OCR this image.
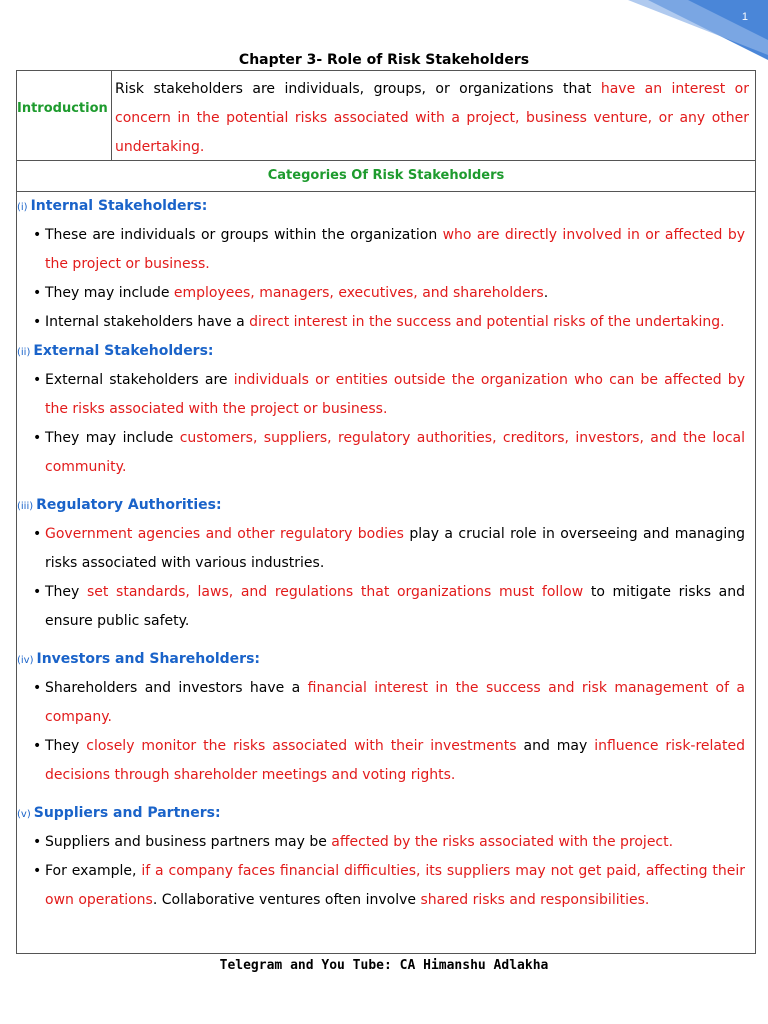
1
Chapter 3- Role of Risk Stakeholders
Introduction
Risk stakeholders are individuals, groups, or organizations that have an interest or concern in the potential risks associated with a project, business venture, or any other undertaking.
Categories Of Risk Stakeholders
(i) Internal Stakeholders:
• These are individuals or groups within the organization who are directly involved in or affected by the project or business.
• They may include employees, managers, executives, and shareholders.
• Internal stakeholders have a direct interest in the success and potential risks of the undertaking.
(ii) External Stakeholders:
• External stakeholders are individuals or entities outside the organization who can be affected by the risks associated with the project or business.
• They may include customers, suppliers, regulatory authorities, creditors, investors, and the local community.
(iii) Regulatory Authorities:
• Government agencies and other regulatory bodies play a crucial role in overseeing and managing risks associated with various industries.
• They set standards, laws, and regulations that organizations must follow to mitigate risks and ensure public safety.
(iv) Investors and Shareholders:
• Shareholders and investors have a financial interest in the success and risk management of a company.
• They closely monitor the risks associated with their investments and may influence risk-related decisions through shareholder meetings and voting rights.
(v) Suppliers and Partners:
• Suppliers and business partners may be affected by the risks associated with the project.
• For example, if a company faces financial difficulties, its suppliers may not get paid, affecting their own operations. Collaborative ventures often involve shared risks and responsibilities.
Telegram and You Tube: CA Himanshu Adlakha
